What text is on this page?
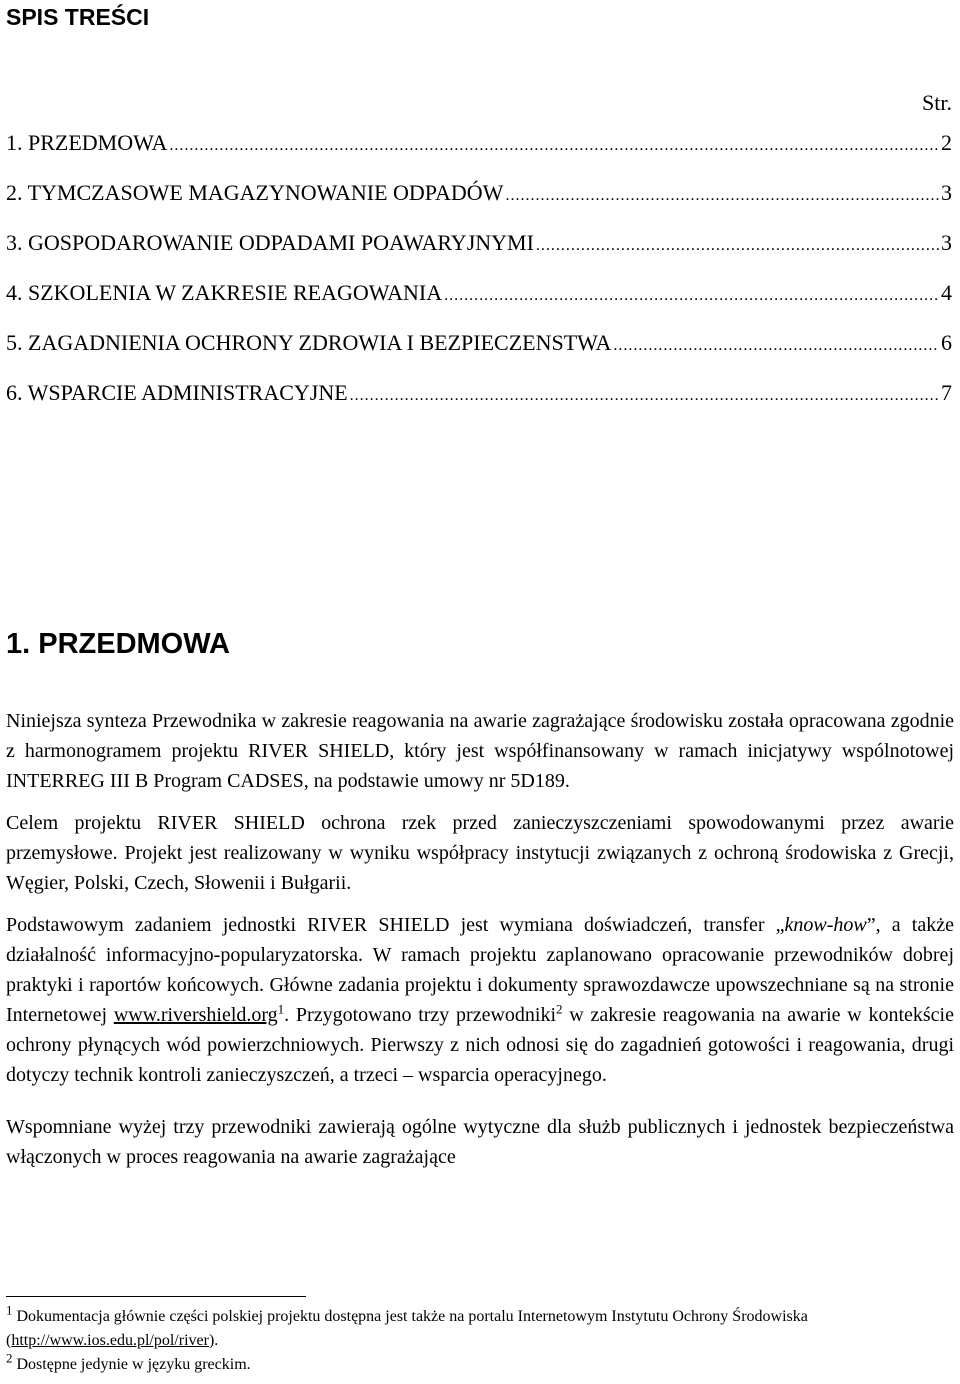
SPIS TREŚCI
Str.
1. PRZEDMOWA .....	2
2. TYMCZASOWE MAGAZYNOWANIE ODPADÓW .....	3
3. GOSPODAROWANIE ODPADAMI POAWARYJNYMI .....	3
4. SZKOLENIA W ZAKRESIE REAGOWANIA .....	4
5. ZAGADNIENIA OCHRONY ZDROWIA I BEZPIECZENSTWA .....	6
6. WSPARCIE ADMINISTRACYJNE .....	7
1. PRZEDMOWA

Niniejsza synteza Przewodnika w zakresie reagowania na awarie zagrażające środowisku została opracowana zgodnie z harmonogramem projektu RIVER SHIELD, który jest współfinansowany w ramach inicjatywy wspólnotowej INTERREG III B Program CADSES, na podstawie umowy nr 5D189.

Celem projektu RIVER SHIELD ochrona rzek przed zanieczyszczeniami spowodowanymi przez awarie przemysłowe. Projekt jest realizowany w wyniku współpracy instytucji związanych z ochroną środowiska z Grecji, Węgier, Polski, Czech, Słowenii i Bułgarii.

Podstawowym zadaniem jednostki RIVER SHIELD jest wymiana doświadczeń, transfer „know-how”, a także działalność informacyjno-popularyzatorska. W ramach projektu zaplanowano opracowanie przewodników dobrej praktyki i raportów końcowych. Główne zadania projektu i dokumenty sprawozdawcze upowszechniane są na stronie Internetowej www.rivershield.org$^1$. Przygotowano trzy przewodniki$^2$ w zakresie reagowania na awarie w kontekście ochrony płynących wód powierzchniowych. Pierwszy z nich odnosi się do zagadnień gotowości i reagowania, drugi dotyczy technik kontroli zanieczyszczeń, a trzeci – wsparcia operacyjnego.

Wspomniane wyżej trzy przewodniki zawierają ogólne wytyczne dla służb publicznych i jednostek bezpieczeństwa włączonych w proces reagowania na awarie zagrażające

$^1$ Dokumentacja głównie części polskiej projektu dostępna jest także na portalu Internetowym Instytutu Ochrony Środowiska (http://www.ios.edu.pl/pol/river).

$^2$ Dostępne jedynie w języku greckim.
